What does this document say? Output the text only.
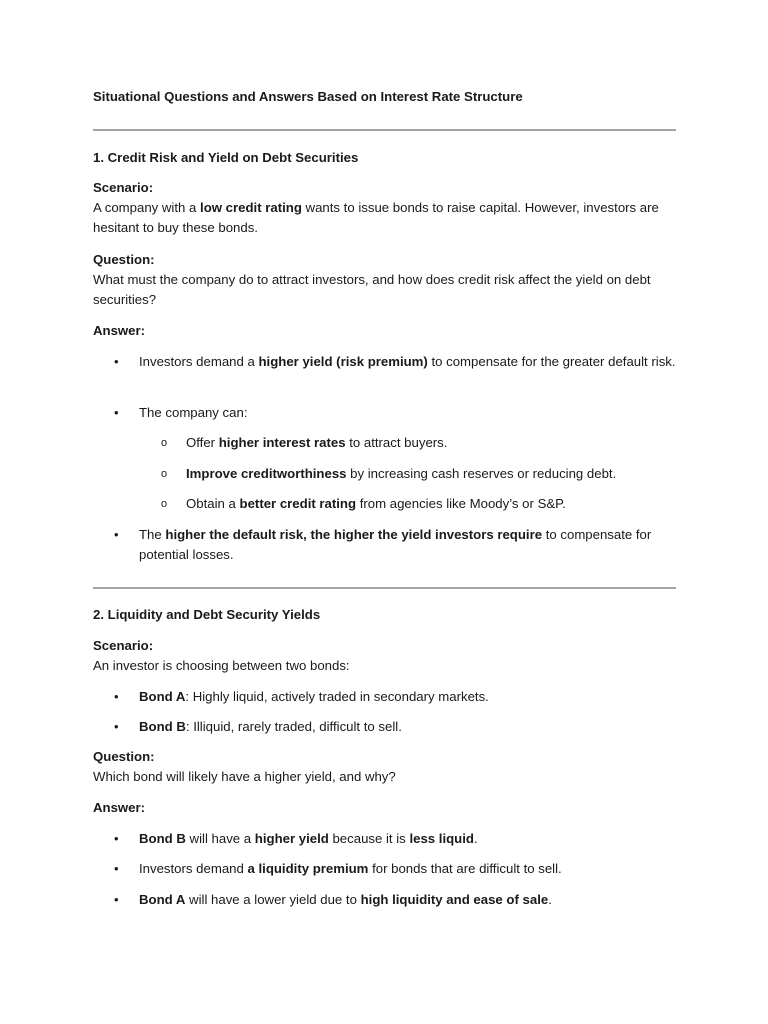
Situational Questions and Answers Based on Interest Rate Structure

1. Credit Risk and Yield on Debt Securities

Scenario:
A company with a low credit rating wants to issue bonds to raise capital. However, investors are hesitant to buy these bonds.

Question:
What must the company do to attract investors, and how does credit risk affect the yield on debt securities?

Answer:

• Investors demand a higher yield (risk premium) to compensate for the greater default risk.

• The company can:

o Offer higher interest rates to attract buyers.

o Improve creditworthiness by increasing cash reserves or reducing debt.

o Obtain a better credit rating from agencies like Moody’s or S&P.

• The higher the default risk, the higher the yield investors require to compensate for potential losses.

2. Liquidity and Debt Security Yields

Scenario:
An investor is choosing between two bonds:

• Bond A: Highly liquid, actively traded in secondary markets.

• Bond B: Illiquid, rarely traded, difficult to sell.

Question:
Which bond will likely have a higher yield, and why?

Answer:

• Bond B will have a higher yield because it is less liquid.

• Investors demand a liquidity premium for bonds that are difficult to sell.

• Bond A will have a lower yield due to high liquidity and ease of sale.
